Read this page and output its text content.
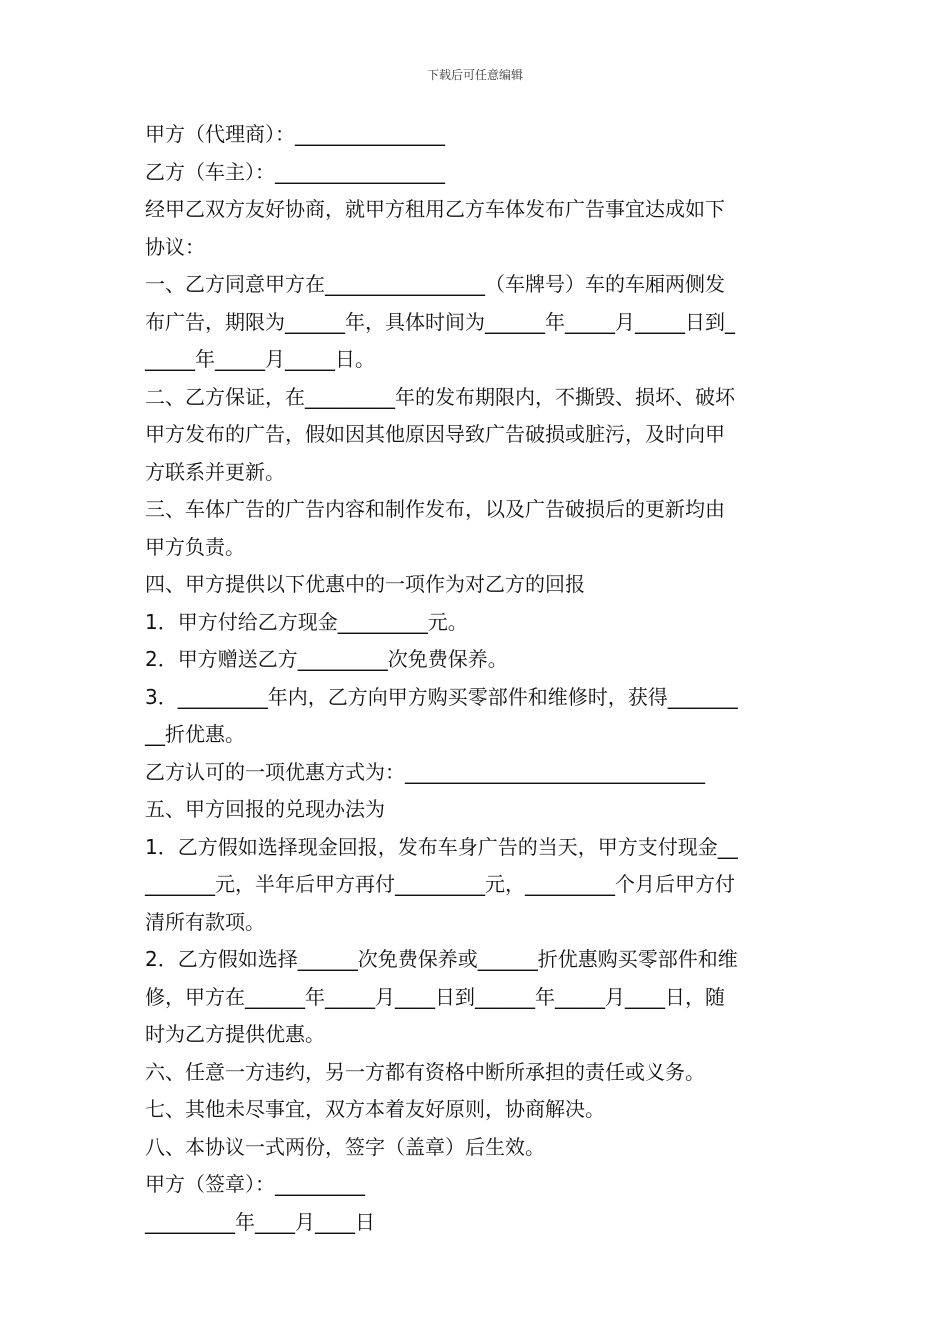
下载后可任意编辑
甲方（代理商）：_______________
乙方（车主）：_________________
经甲乙双方友好协商，就甲方租用乙方车体发布广告事宜达成如下
协议：
一、乙方同意甲方在________________（车牌号）车的车厢两侧发
布广告，期限为______年，具体时间为______年_____月_____日到_
_____年_____月_____日。
二、乙方保证，在_________年的发布期限内，不撕毁、损坏、破坏
甲方发布的广告，假如因其他原因导致广告破损或脏污，及时向甲
方联系并更新。
三、车体广告的广告内容和制作发布，以及广告破损后的更新均由
甲方负责。
四、甲方提供以下优惠中的一项作为对乙方的回报
1．甲方付给乙方现金_________元。
2．甲方赠送乙方_________次免费保养。
3．_________年内，乙方向甲方购买零部件和维修时，获得_______
__折优惠。
乙方认可的一项优惠方式为：______________________________
五、甲方回报的兑现办法为
1．乙方假如选择现金回报，发布车身广告的当天，甲方支付现金__
_______元，半年后甲方再付_________元，_________个月后甲方付
清所有款项。
2．乙方假如选择______次免费保养或______折优惠购买零部件和维
修，甲方在______年_____月____日到______年_____月____日，随
时为乙方提供优惠。
六、任意一方违约，另一方都有资格中断所承担的责任或义务。
七、其他未尽事宜，双方本着友好原则，协商解决。
八、本协议一式两份，签字（盖章）后生效。
甲方（签章）：_________
_________年____月____日
